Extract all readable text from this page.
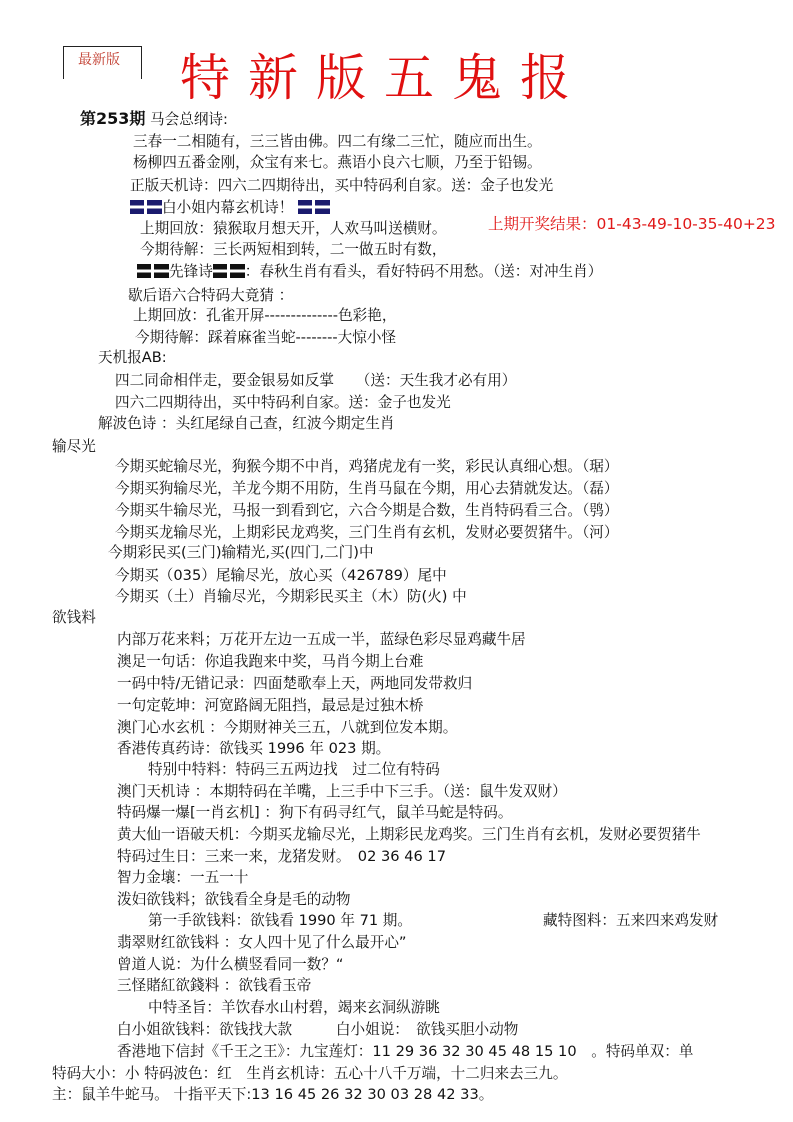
最新版 特新版五鬼报
第253期 马会总纲诗:
白小姐内幕玄机诗！
上期开奖结果：01-43-49-10-35-40+23
先锋诗 ：春秋生肖有看头，看好特码不用愁。（送：对冲生肖）
三春一二相随有，三三皆由佛。四二有缘二三忙，随应而出生。
杨柳四五番金刚，众宝有来七。燕语小良六七顺，乃至于铅锡。
正版天机诗：四六二四期待出，买中特码利自家。送：金子也发光
上期回放：猿猴取月想天开，人欢马叫送横财。
今期待解：三长两短相到转，二一做五时有数，
歇后语六合特码大竟猜 ：
上期回放：孔雀开屏--------------色彩艳，
今期待解：踩着麻雀当蛇--------大惊小怪
天机报AB:
四二同命相伴走，要金银易如反掌　　（送：天生我才必有用）
四六二四期待出，买中特码利自家。送：金子也发光
解波色诗 ：头红尾绿自己查，红波今期定生肖
输尽光
今期买蛇输尽光，狗猴今期不中肖，鸡猪虎龙有一奖，彩民认真细心想。（琚）
今期买狗输尽光，羊龙今期不用防，生肖马鼠在今期，用心去猜就发达。（磊）
今期买牛输尽光，马报一到看到它，六合今期是合数，生肖特码看三合。（鸮）
今期买龙输尽光，上期彩民龙鸡奖，三门生肖有玄机，发财必要贺猪牛。（河）
今期彩民买(三门)输精光,买(四门,二门)中
今期买（035）尾输尽光，放心买（426789）尾中
今期买（土）肖输尽光，今期彩民买主（木）防(火) 中
欲钱料
内部万花来料；万花开左边一五成一半，蓝绿色彩尽显鸡藏牛居
澳足一句话：你追我跑来中奖，马肖今期上台难
一码中特/无错记录：四面楚歌奉上天，两地同发带救归
一句定乾坤：河宽路阔无阻挡，最忌是过独木桥
澳门心水玄机 ：今期财神关三五，八就到位发本期。
香港传真药诗：欲钱买 1996 年 023 期。
特别中特料：特码三五两边找　过二位有特码
澳门天机诗 ：本期特码在羊嘴，上三手中下三手。（送：鼠牛发双财）
特码爆一爆[一肖玄机] ：狗下有码寻红气，鼠羊马蛇是特码。
黄大仙一语破天机：今期买龙输尽光，上期彩民龙鸡奖。三门生肖有玄机，发财必要贺猪牛
特码过生日：三来一来，龙猪发财。　02 36 46 17
智力金壤：一五一十
泼妇欲钱料；欲钱看全身是毛的动物
第一手欲钱料：欲钱看 1990 年 71 期。	藏特图料：五来四来鸡发财
翡翠财红欲钱料 ：女人四十见了什么最开心”
曾道人说：为什么横竖看同一数？“
三怪賭紅欲錢料 ：欲钱看玉帝
中特圣旨：羊饮春水山村碧，竭来玄洞纵游眺
白小姐欲钱料：欲钱找大款　　　白小姐说：　欲钱买胆小动物
香港地下信封《千王之王》：九宝莲灯：11 29 36 32 30 45 48 15 10　。特码单双：单
特码大小：小 特码波色：红　生肖玄机诗：五心十八千万端，十二归来去三九。
主：鼠羊牛蛇马。 十指平天下:13 16 45 26 32 30 03 28 42 33。
